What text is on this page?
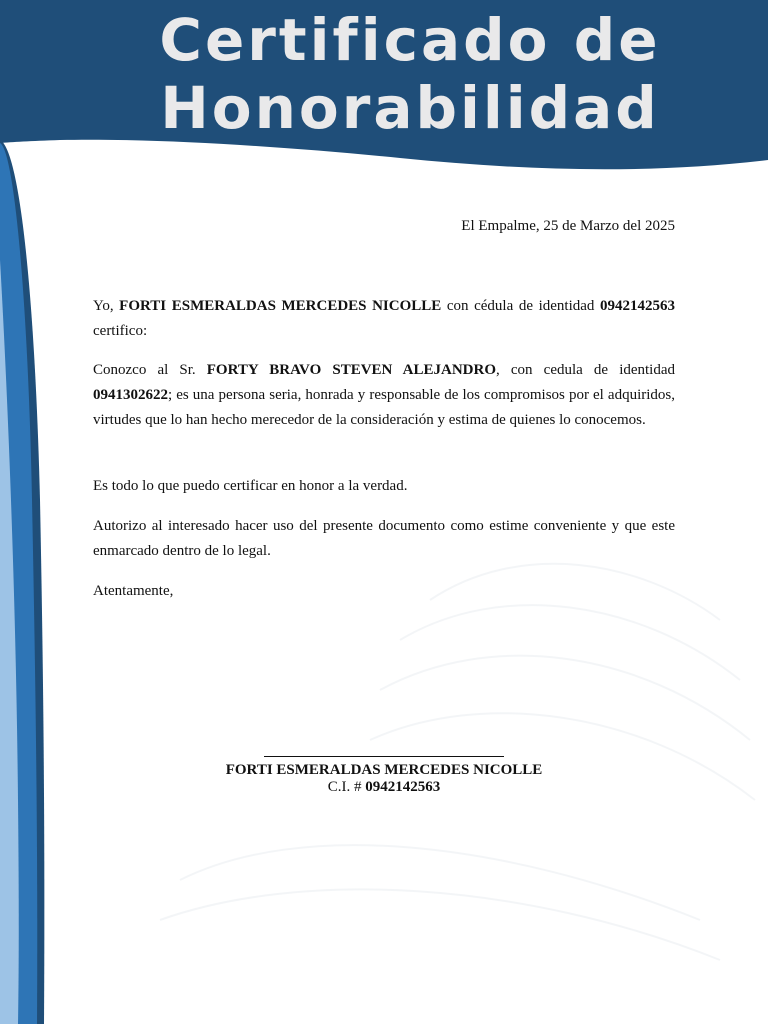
Certificado de
Honorabilidad
El Empalme, 25 de Marzo del 2025
Yo, FORTI ESMERALDAS MERCEDES NICOLLE con cédula de identidad 0942142563 certifico:
Conozco al Sr. FORTY BRAVO STEVEN ALEJANDRO, con cedula de identidad 0941302622; es una persona seria, honrada y responsable de los compromisos por el adquiridos, virtudes que lo han hecho merecedor de la consideración y estima de quienes lo conocemos.
Es todo lo que puedo certificar en honor a la verdad.
Autorizo al interesado hacer uso del presente documento como estime conveniente y que este enmarcado dentro de lo legal.
Atentamente,
FORTI ESMERALDAS MERCEDES NICOLLE
C.I. # 0942142563
